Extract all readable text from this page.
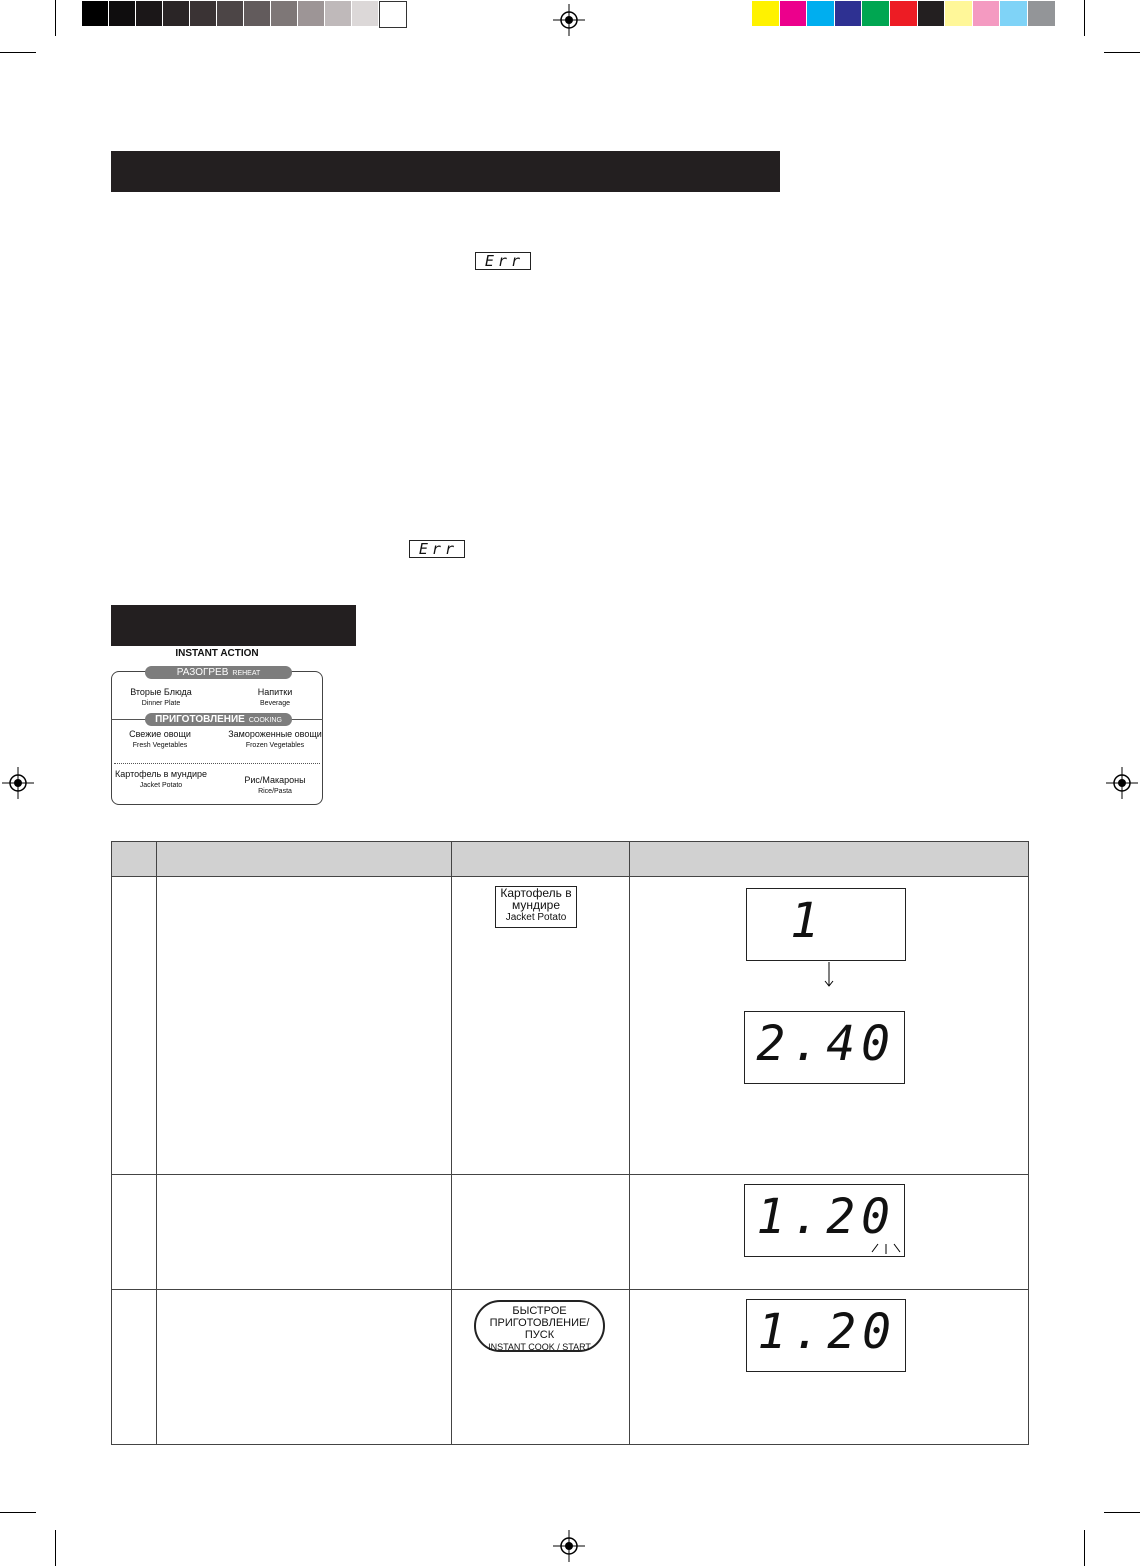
Err
Err
INSTANT ACTION
РАЗОГРЕВ REHEAT
ПРИГОТОВЛЕНИЕ COOKING
Вторые Блюда
Dinner Plate
Напитки
Beverage
Свежие овощи
Fresh Vegetables
Замороженные овощи
Frozen Vegetables
Картофель в мундире
Jacket Potato
Рис/Макароны
Rice/Pasta
Картофель в мундире
Jacket Potato	1
2.40
1.20
БЫСТРОЕ ПРИГОТОВЛЕНИЕ/ ПУСК
INSTANT COOK / START	1.20
